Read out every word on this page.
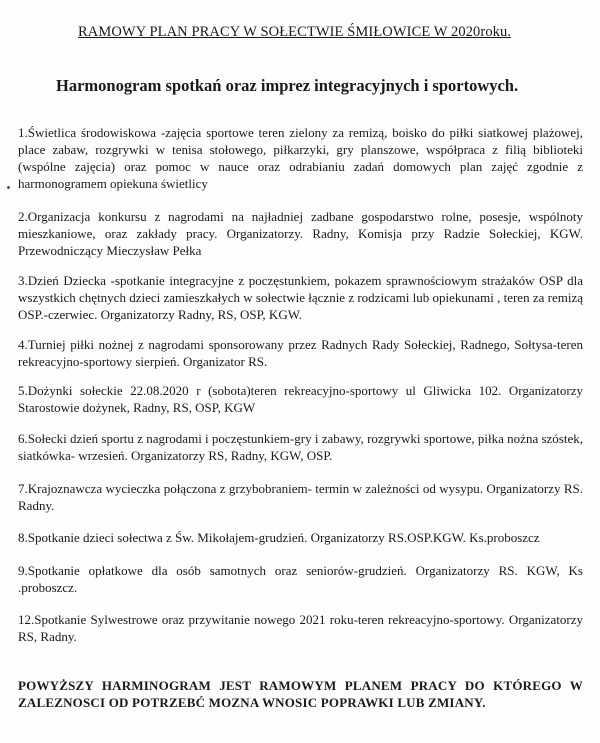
RAMOWY PLAN PRACY W SOŁECTWIE ŚMIŁOWICE W 2020roku.
Harmonogram spotkań oraz imprez integracyjnych i sportowych.

1.Świetlica środowiskowa -zajęcia sportowe teren zielony za remizą, boisko do piłki siatkowej plażowej, place zabaw, rozgrywki w tenisa stołowego, piłkarzyki, gry planszowe, współpraca z filią biblioteki (wspólne zajęcia) oraz pomoc w nauce oraz odrabianiu zadań domowych plan zajęć zgodnie z harmonogramem opiekuna świetlicy

2.Organizacja konkursu z nagrodami na najładniej zadbane gospodarstwo rolne, posesje, wspólnoty mieszkaniowe, oraz zakłady pracy. Organizatorzy. Radny, Komisja przy Radzie Sołeckiej, KGW. Przewodniczący Mieczysław Pełka

3.Dzień Dziecka -spotkanie integracyjne z poczęstunkiem, pokazem sprawnościowym strażaków OSP dla wszystkich chętnych dzieci zamieszkałych w sołectwie łącznie z rodzicami lub opiekunami , teren za remizą OSP.-czerwiec. Organizatorzy Radny, RS, OSP, KGW.

4.Turniej piłki nożnej z nagrodami sponsorowany przez Radnych Rady Sołeckiej, Radnego, Sołtysa-teren rekreacyjno-sportowy sierpień. Organizator RS.

5.Dożynki sołeckie 22.08.2020 r (sobota)teren rekreacyjno-sportowy ul Gliwicka 102. Organizatorzy Starostowie dożynek, Radny, RS, OSP, KGW

6.Sołecki dzień sportu z nagrodami i poczęstunkiem-gry i zabawy, rozgrywki sportowe, piłka nożna szóstek, siatkówka- wrzesień. Organizatorzy RS, Radny, KGW, OSP.

7.Krajoznawcza wycieczka połączona z grzybobraniem- termin w zależności od wysypu. Organizatorzy RS. Radny.

8.Spotkanie dzieci sołectwa z Św. Mikołajem-grudzień. Organizatorzy RS.OSP.KGW. Ks.proboszcz

9.Spotkanie opłatkowe dla osób samotnych oraz seniorów-grudzień. Organizatorzy RS. KGW, Ks .proboszcz.

12.Spotkanie Sylwestrowe oraz przywitanie nowego 2021 roku-teren rekreacyjno-sportowy. Organizatorzy RS, Radny.

POWYŻSZY HARMINOGRAM JEST RAMOWYM PLANEM PRACY DO KTÓREGO W ZALEZNOSCI OD POTRZEBĆ MOZNA WNOSIC POPRAWKI LUB ZMIANY.
